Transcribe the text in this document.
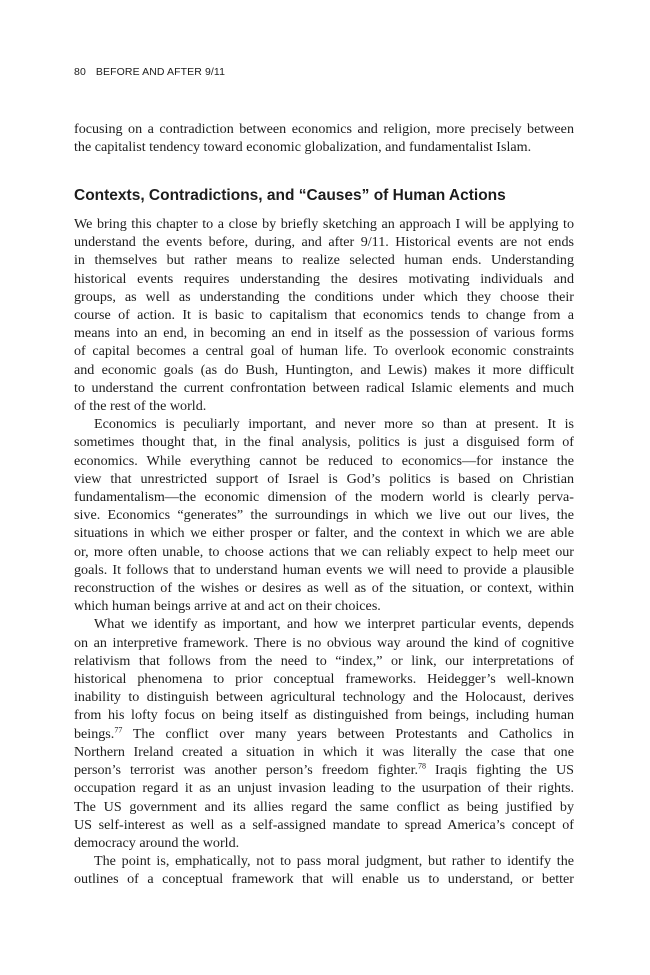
80 BEFORE AND AFTER 9/11
focusing on a contradiction between economics and religion, more precisely between
the capitalist tendency toward economic globalization, and fundamentalist Islam.
Contexts, Contradictions, and “Causes” of Human Actions

We bring this chapter to a close by briefly sketching an approach I will be applying to
understand the events before, during, and after 9/11. Historical events are not ends
in themselves but rather means to realize selected human ends. Understanding
historical events requires understanding the desires motivating individuals and
groups, as well as understanding the conditions under which they choose their
course of action. It is basic to capitalism that economics tends to change from a
means into an end, in becoming an end in itself as the possession of various forms
of capital becomes a central goal of human life. To overlook economic constraints
and economic goals (as do Bush, Huntington, and Lewis) makes it more difficult
to understand the current confrontation between radical Islamic elements and much
of the rest of the world.

Economics is peculiarly important, and never more so than at present. It is
sometimes thought that, in the final analysis, politics is just a disguised form of
economics. While everything cannot be reduced to economics—for instance the
view that unrestricted support of Israel is God’s politics is based on Christian
fundamentalism—the economic dimension of the modern world is clearly perva-
sive. Economics “generates” the surroundings in which we live out our lives, the
situations in which we either prosper or falter, and the context in which we are able
or, more often unable, to choose actions that we can reliably expect to help meet our
goals. It follows that to understand human events we will need to provide a plausible
reconstruction of the wishes or desires as well as of the situation, or context, within
which human beings arrive at and act on their choices.

What we identify as important, and how we interpret particular events, depends
on an interpretive framework. There is no obvious way around the kind of cognitive
relativism that follows from the need to “index,” or link, our interpretations of
historical phenomena to prior conceptual frameworks. Heidegger’s well-known
inability to distinguish between agricultural technology and the Holocaust, derives
from his lofty focus on being itself as distinguished from beings, including human
beings.$^{77}$ The conflict over many years between Protestants and Catholics in
Northern Ireland created a situation in which it was literally the case that one
person’s terrorist was another person’s freedom fighter.$^{78}$ Iraqis fighting the US
occupation regard it as an unjust invasion leading to the usurpation of their rights.
The US government and its allies regard the same conflict as being justified by
US self-interest as well as a self-assigned mandate to spread America’s concept of
democracy around the world.

The point is, emphatically, not to pass moral judgment, but rather to identify the
outlines of a conceptual framework that will enable us to understand, or better
